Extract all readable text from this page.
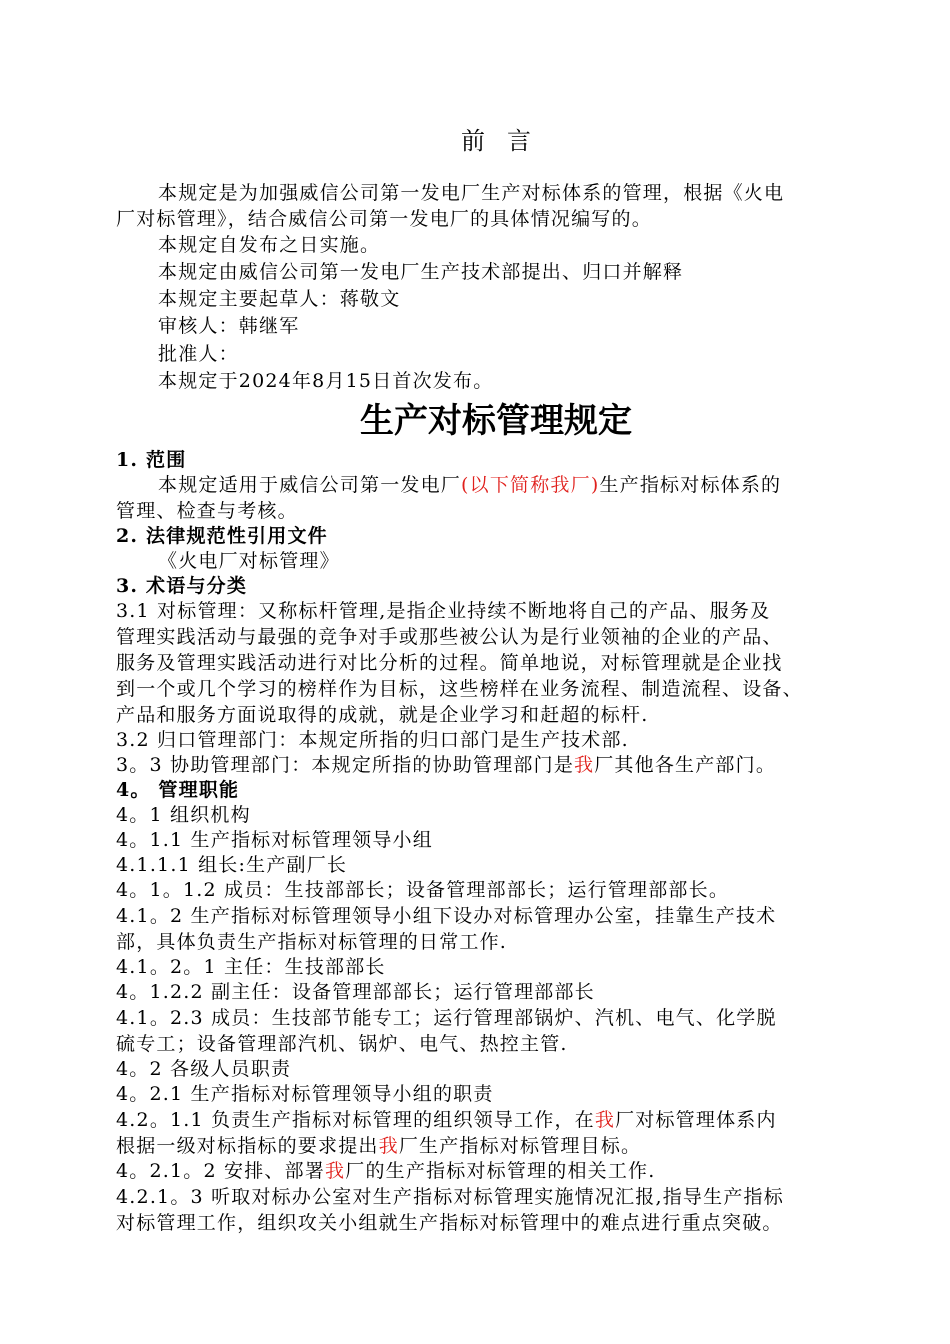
前言
本规定是为加强威信公司第一发电厂生产对标体系的管理，根据《火电
厂对标管理》，结合威信公司第一发电厂的具体情况编写的。
本规定自发布之日实施。
本规定由威信公司第一发电厂生产技术部提出、归口并解释
本规定主要起草人：蒋敬文
审核人：韩继军
批准人：
本规定于2024年8月15日首次发布。
生产对标管理规定
1. 范围
本规定适用于威信公司第一发电厂(以下简称我厂)生产指标对标体系的
管理、检查与考核。
2. 法律规范性引用文件
《火电厂对标管理》
3. 术语与分类
3.1 对标管理：又称标杆管理,是指企业持续不断地将自己的产品、服务及
管理实践活动与最强的竞争对手或那些被公认为是行业领袖的企业的产品、
服务及管理实践活动进行对比分析的过程。简单地说，对标管理就是企业找
到一个或几个学习的榜样作为目标，这些榜样在业务流程、制造流程、设备、
产品和服务方面说取得的成就，就是企业学习和赶超的标杆.
3.2 归口管理部门：本规定所指的归口部门是生产技术部.
3。3 协助管理部门：本规定所指的协助管理部门是我厂其他各生产部门。
4。 管理职能
4。1 组织机构
4。1.1 生产指标对标管理领导小组
4.1.1.1 组长:生产副厂长
4。1。1.2 成员：生技部部长；设备管理部部长；运行管理部部长。
4.1。2 生产指标对标管理领导小组下设办对标管理办公室，挂靠生产技术
部，具体负责生产指标对标管理的日常工作.
4.1。2。1 主任：生技部部长
4。1.2.2 副主任：设备管理部部长；运行管理部部长
4.1。2.3 成员：生技部节能专工；运行管理部锅炉、汽机、电气、化学脱
硫专工；设备管理部汽机、锅炉、电气、热控主管.
4。2 各级人员职责
4。2.1 生产指标对标管理领导小组的职责
4.2。1.1 负责生产指标对标管理的组织领导工作，在我厂对标管理体系内
根据一级对标指标的要求提出我厂生产指标对标管理目标。
4。2.1。2 安排、部署我厂的生产指标对标管理的相关工作.
4.2.1。3 听取对标办公室对生产指标对标管理实施情况汇报,指导生产指标
对标管理工作，组织攻关小组就生产指标对标管理中的难点进行重点突破。
